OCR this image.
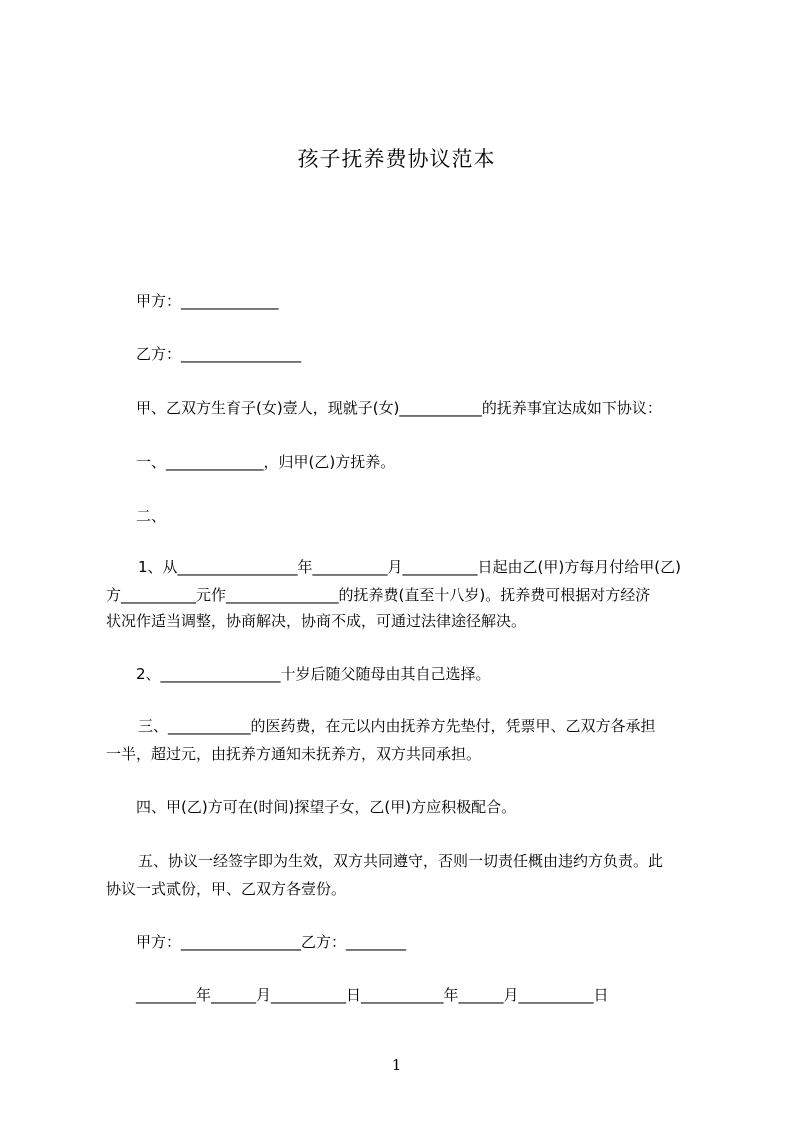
孩子抚养费协议范本
甲方：_____________
乙方：________________
甲、乙双方生育子(女)壹人，现就子(女)___________的抚养事宜达成如下协议：
一、_____________，归甲(乙)方抚养。
二、
1、从________________年__________月__________日起由乙(甲)方每月付给甲(乙)
方__________元作_______________的抚养费(直至十八岁)。抚养费可根据对方经济
状况作适当调整，协商解决，协商不成，可通过法律途径解决。
2、________________十岁后随父随母由其自己选择。
三、___________的医药费，在元以内由抚养方先垫付，凭票甲、乙双方各承担
一半，超过元，由抚养方通知未抚养方，双方共同承担。
四、甲(乙)方可在(时间)探望子女，乙(甲)方应积极配合。
五、协议一经签字即为生效，双方共同遵守，否则一切责任概由违约方负责。此
协议一式贰份，甲、乙双方各壹份。
甲方：________________乙方：________
________年______月__________日___________年______月__________日
1
